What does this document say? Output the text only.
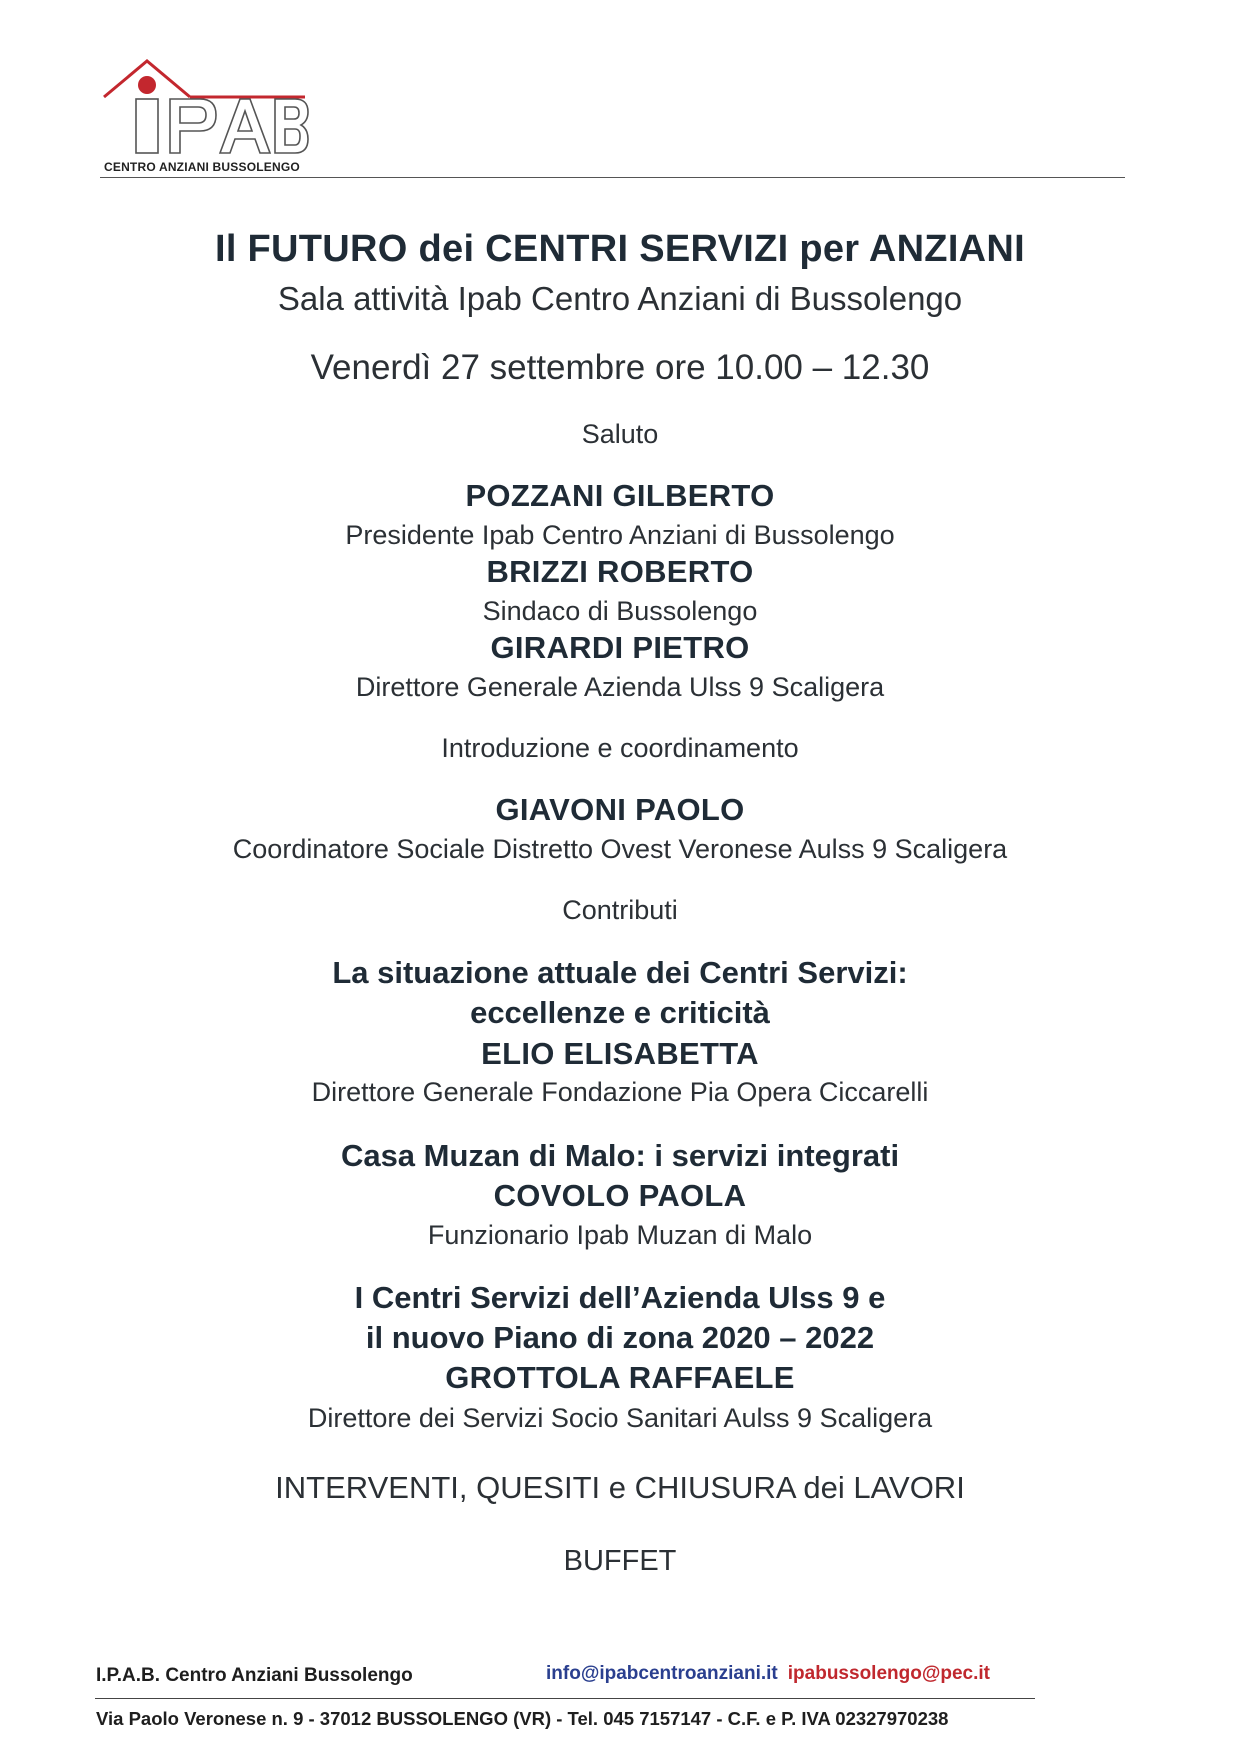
CENTRO ANZIANI BUSSOLENGO
Il FUTURO dei CENTRI SERVIZI per ANZIANI
Sala attività Ipab Centro Anziani di Bussolengo
Venerdì 27 settembre ore 10.00 – 12.30
Saluto
POZZANI GILBERTO
Presidente Ipab Centro Anziani di Bussolengo
BRIZZI ROBERTO
Sindaco di Bussolengo
GIRARDI PIETRO
Direttore Generale Azienda Ulss 9 Scaligera
Introduzione e coordinamento
GIAVONI PAOLO
Coordinatore Sociale Distretto Ovest Veronese Aulss 9 Scaligera
Contributi
La situazione attuale dei Centri Servizi:
eccellenze e criticità
ELIO ELISABETTA
Direttore Generale Fondazione Pia Opera Ciccarelli
Casa Muzan di Malo: i servizi integrati
COVOLO PAOLA
Funzionario Ipab Muzan di Malo
I Centri Servizi dell’Azienda Ulss 9 e
il nuovo Piano di zona 2020 – 2022
GROTTOLA RAFFAELE
Direttore dei Servizi Socio Sanitari Aulss 9 Scaligera
INTERVENTI, QUESITI e CHIUSURA dei LAVORI
BUFFET
I.P.A.B. Centro Anziani Bussolengo	info@ipabcentroanziani.it ipabussolengo@pec.it
Via Paolo Veronese n. 9 - 37012 BUSSOLENGO (VR) - Tel. 045 7157147 - C.F. e P. IVA 02327970238
